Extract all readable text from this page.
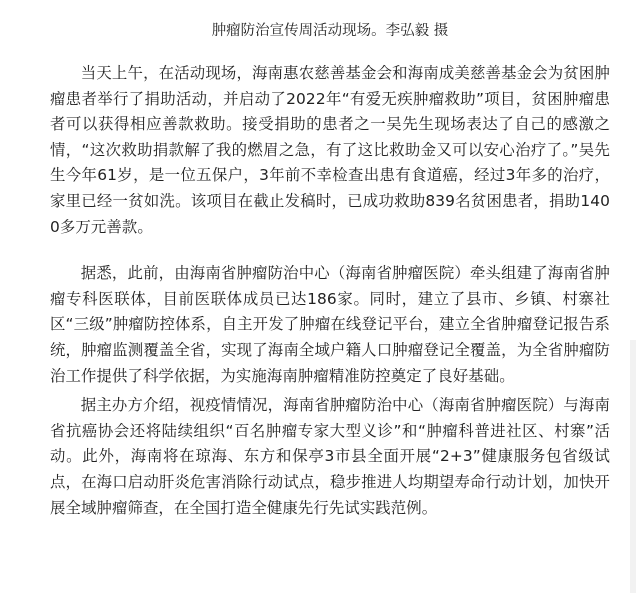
肿瘤防治宣传周活动现场。李弘毅 摄

当天上午，在活动现场，海南惠农慈善基金会和海南成美慈善基金会为贫困肿瘤患者举行了捐助活动，并启动了2022年“有爱无疾肿瘤救助”项目，贫困肿瘤患者可以获得相应善款救助。接受捐助的患者之一吴先生现场表达了自己的感激之情，“这次救助捐款解了我的燃眉之急，有了这比救助金又可以安心治疗了。”吴先生今年61岁，是一位五保户，3年前不幸检查出患有食道癌，经过3年多的治疗，家里已经一贫如洗。该项目在截止发稿时，已成功救助839名贫困患者，捐助1400多万元善款。

据悉，此前，由海南省肿瘤防治中心（海南省肿瘤医院）牵头组建了海南省肿瘤专科医联体，目前医联体成员已达186家。同时，建立了县市、乡镇、村寨社区“三级”肿瘤防控体系，自主开发了肿瘤在线登记平台，建立全省肿瘤登记报告系统，肿瘤监测覆盖全省，实现了海南全域户籍人口肿瘤登记全覆盖，为全省肿瘤防治工作提供了科学依据，为实施海南肿瘤精准防控奠定了良好基础。

据主办方介绍，视疫情情况，海南省肿瘤防治中心（海南省肿瘤医院）与海南省抗癌协会还将陆续组织“百名肿瘤专家大型义诊”和“肿瘤科普进社区、村寨”活动。此外，海南将在琼海、东方和保亭3市县全面开展“2+3”健康服务包省级试点，在海口启动肝炎危害消除行动试点，稳步推进人均期望寿命行动计划，加快开展全域肿瘤筛查，在全国打造全健康先行先试实践范例。
